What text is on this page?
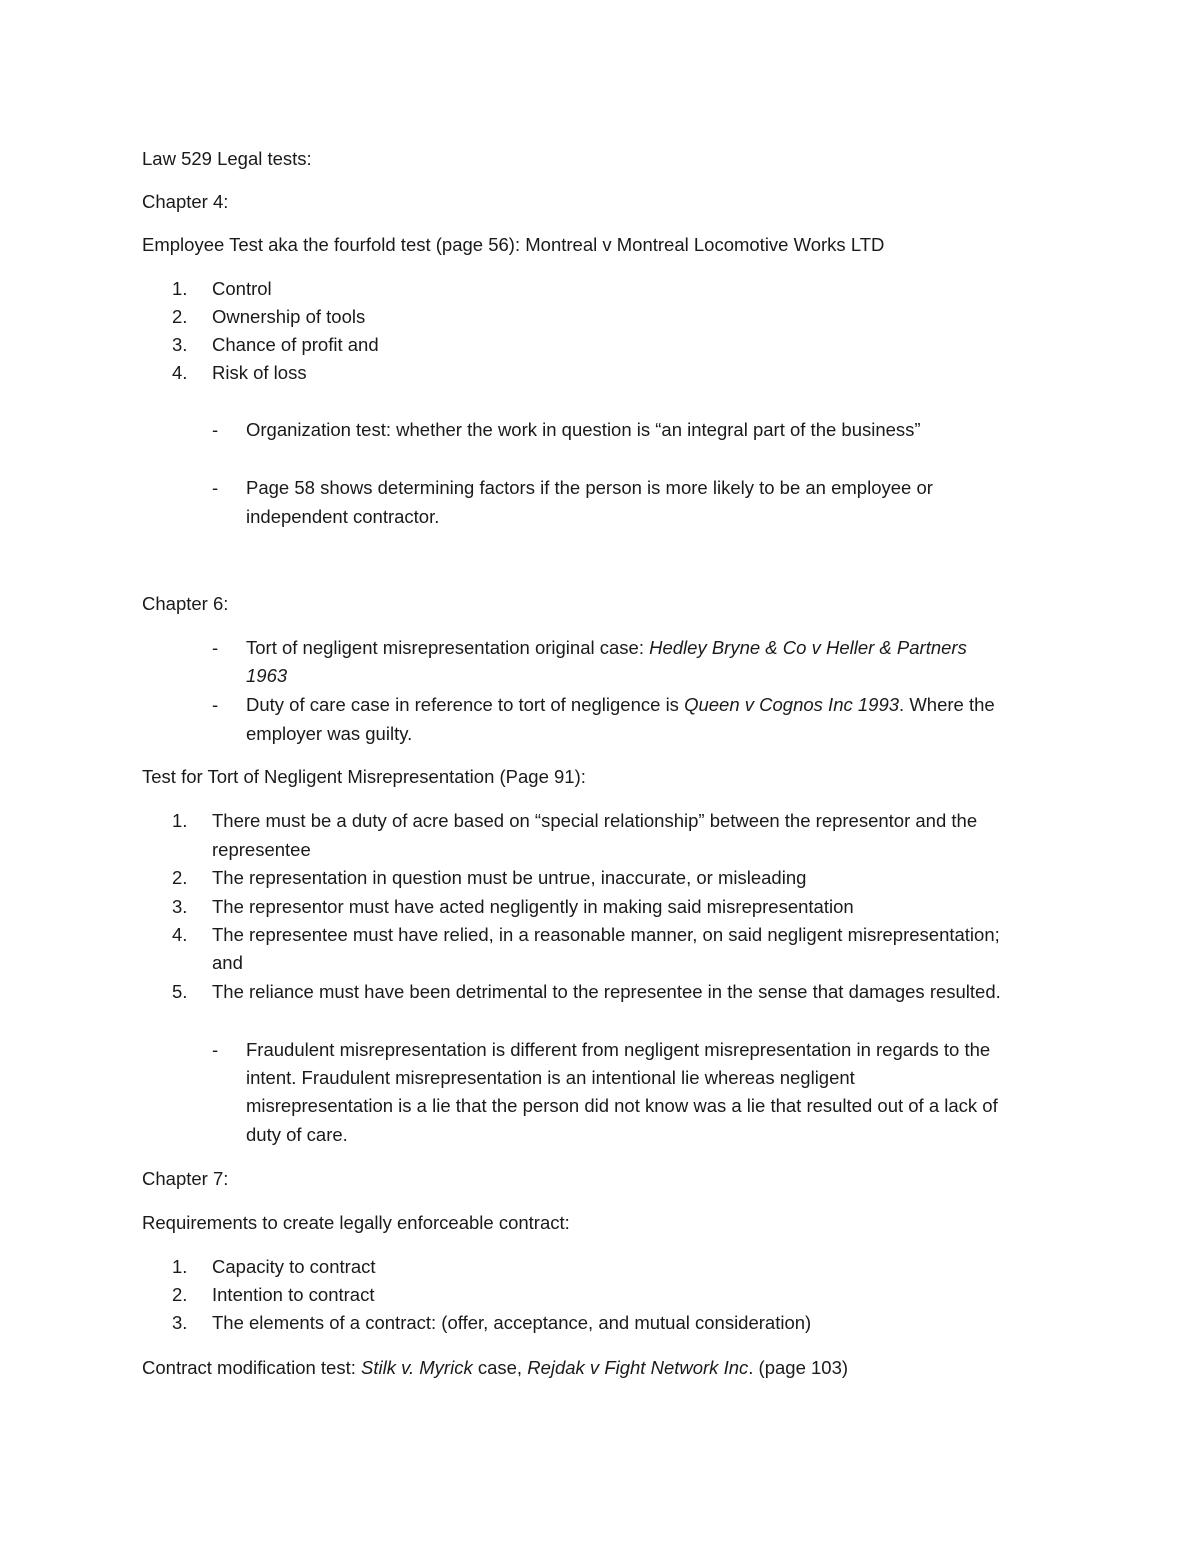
Law 529 Legal tests:
Chapter 4:
Employee Test aka the fourfold test (page 56): Montreal v Montreal Locomotive Works LTD
1. Control
2. Ownership of tools
3. Chance of profit and
4. Risk of loss
- Organization test: whether the work in question is “an integral part of the business”
- Page 58 shows determining factors if the person is more likely to be an employee or
independent contractor.
Chapter 6:
- Tort of negligent misrepresentation original case: Hedley Bryne & Co v Heller & Partners
1963
- Duty of care case in reference to tort of negligence is Queen v Cognos Inc 1993. Where the
employer was guilty.
Test for Tort of Negligent Misrepresentation (Page 91):
1. There must be a duty of acre based on “special relationship” between the representor and the
representee
2. The representation in question must be untrue, inaccurate, or misleading
3. The representor must have acted negligently in making said misrepresentation
4. The representee must have relied, in a reasonable manner, on said negligent misrepresentation;
and
5. The reliance must have been detrimental to the representee in the sense that damages resulted.
- Fraudulent misrepresentation is different from negligent misrepresentation in regards to the
intent. Fraudulent misrepresentation is an intentional lie whereas negligent
misrepresentation is a lie that the person did not know was a lie that resulted out of a lack of
duty of care.
Chapter 7:
Requirements to create legally enforceable contract:
1. Capacity to contract
2. Intention to contract
3. The elements of a contract: (offer, acceptance, and mutual consideration)
Contract modification test: Stilk v. Myrick case, Rejdak v Fight Network Inc. (page 103)
